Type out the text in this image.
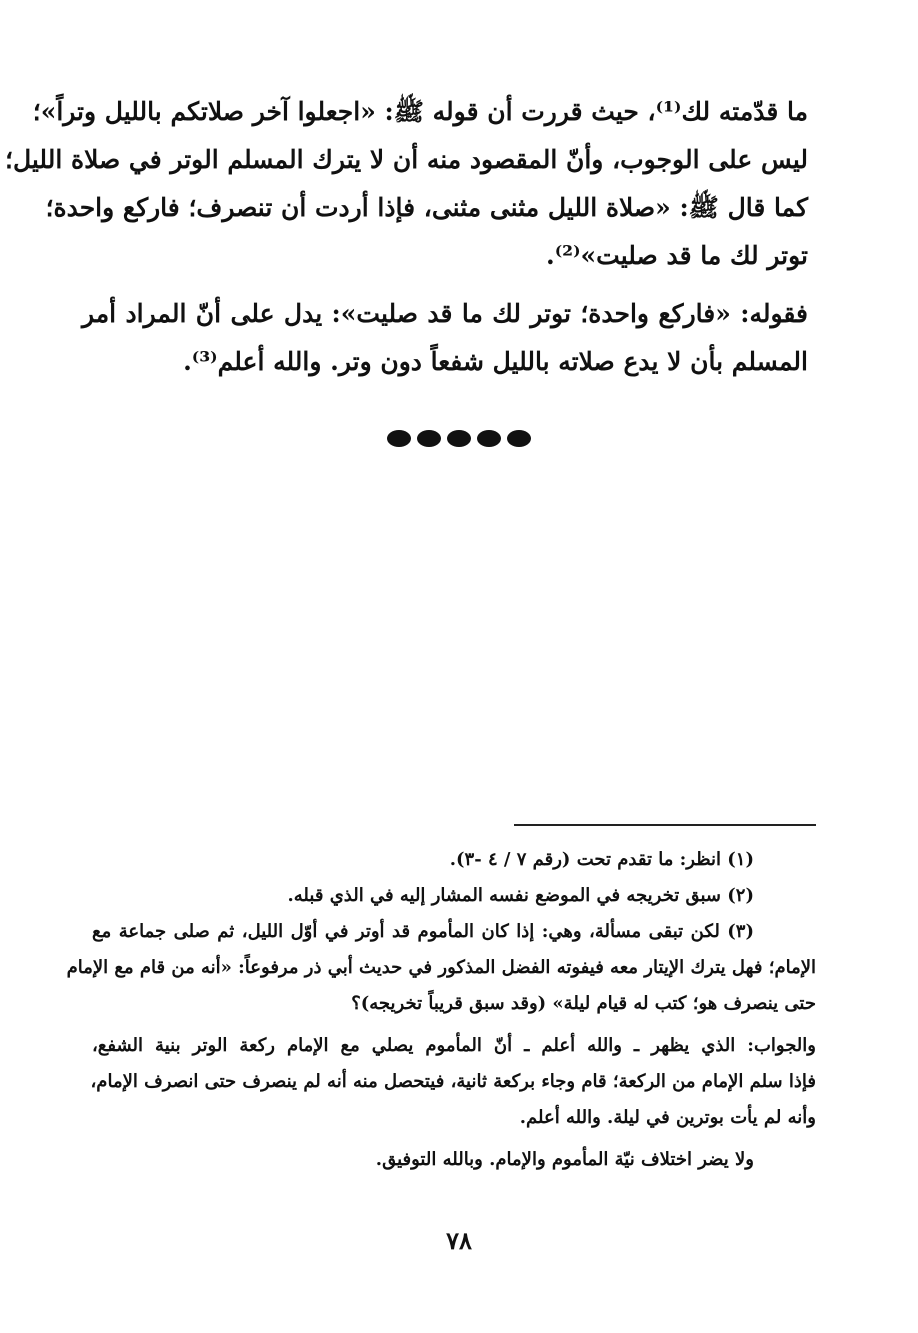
ما قدّمته لك⁽¹⁾، حيث قررت أن قوله ﷺ: «اجعلوا آخر صلاتكم بالليل وتراً»؛
ليس على الوجوب، وأنّ المقصود منه أن لا يترك المسلم الوتر في صلاة الليل؛
كما قال ﷺ: «صلاة الليل مثنى مثنى، فإذا أردت أن تنصرف؛ فاركع واحدة؛
توتر لك ما قد صليت»⁽²⁾.
فقوله: «فاركع واحدة؛ توتر لك ما قد صليت»: يدل على أنّ المراد أمر
المسلم بأن لا يدع صلاته بالليل شفعاً دون وتر. والله أعلم⁽³⁾.

(١) انظر: ما تقدم تحت (رقم ٧ / ٤ -٣).
(٢) سبق تخريجه في الموضع نفسه المشار إليه في الذي قبله.
(٣) لكن تبقى مسألة، وهي: إذا كان المأموم قد أوتر في أوّل الليل، ثم صلى جماعة مع
الإمام؛ فهل يترك الإيتار معه فيفوته الفضل المذكور في حديث أبي ذر مرفوعاً: «أنه من قام مع الإمام
حتى ينصرف هو؛ كتب له قيام ليلة» (وقد سبق قريباً تخريجه)؟
والجواب: الذي يظهر ـ والله أعلم ـ أنّ المأموم يصلي مع الإمام ركعة الوتر بنية الشفع،
فإذا سلم الإمام من الركعة؛ قام وجاء بركعة ثانية، فيتحصل منه أنه لم ينصرف حتى انصرف الإمام،
وأنه لم يأت بوترين في ليلة. والله أعلم.
ولا يضر اختلاف نيّة المأموم والإمام. وبالله التوفيق.
٧٨
